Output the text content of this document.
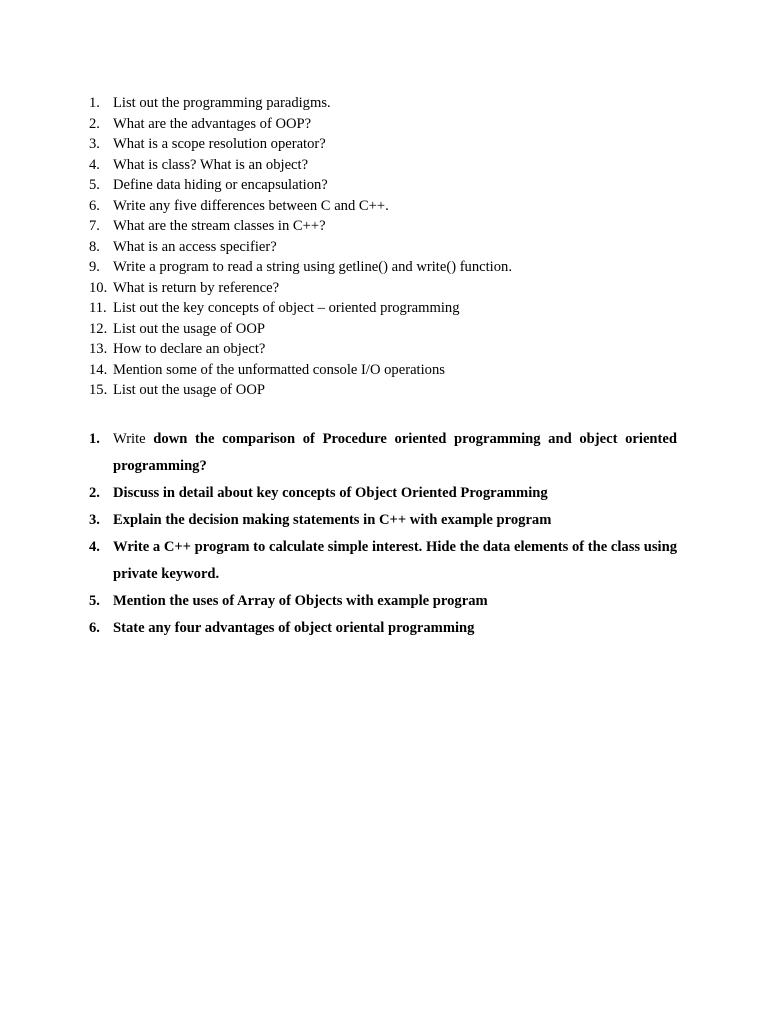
1. List out the programming paradigms.
2. What are the advantages of OOP?
3. What is a scope resolution operator?
4. What is class? What is an object?
5. Define data hiding or encapsulation?
6. Write any five differences between C and C++.
7. What are the stream classes in C++?
8. What is an access specifier?
9. Write a program to read a string using getline() and write() function.
10. What is return by reference?
11. List out the key concepts of object – oriented programming
12. List out the usage of OOP
13. How to declare an object?
14. Mention some of the unformatted console I/O operations
15. List out the usage of OOP
1. Write down the comparison of Procedure oriented programming and object oriented programming?
2. Discuss in detail about key concepts of Object Oriented Programming
3. Explain the decision making statements in C++ with example program
4. Write a C++ program to calculate simple interest. Hide the data elements of the class using private keyword.
5. Mention the uses of Array of Objects with example program
6. State any four advantages of object oriental programming
